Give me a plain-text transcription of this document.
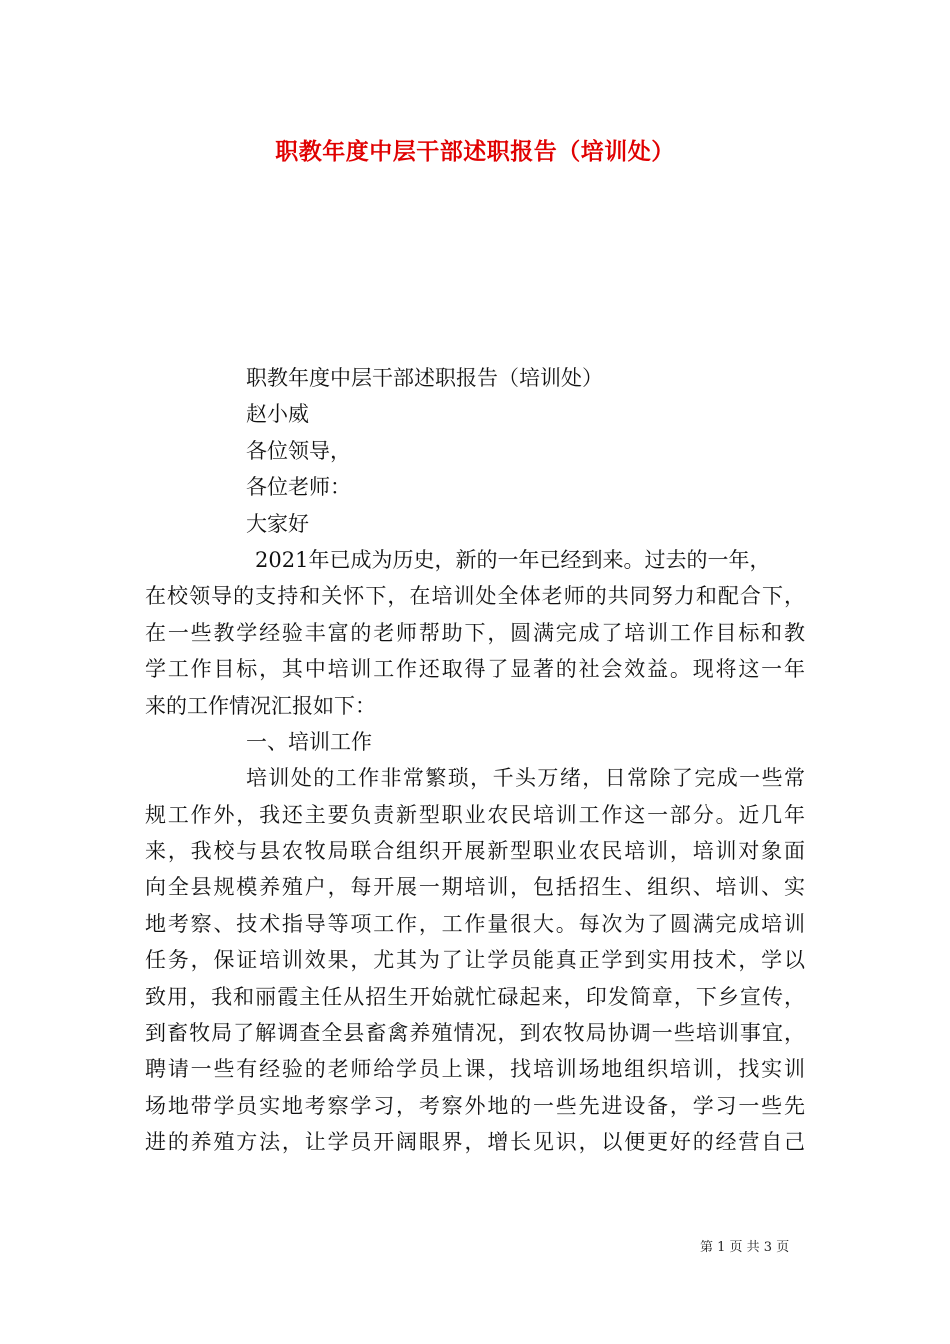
职教年度中层干部述职报告（培训处）
职教年度中层干部述职报告（培训处）
赵小威
各位领导，
各位老师：
大家好
2021年已成为历史，新的一年已经到来。过去的一年，
在校领导的支持和关怀下，在培训处全体老师的共同努力和配合下，
在一些教学经验丰富的老师帮助下，圆满完成了培训工作目标和教
学工作目标，其中培训工作还取得了显著的社会效益。现将这一年
来的工作情况汇报如下：
一、培训工作
培训处的工作非常繁琐，千头万绪，日常除了完成一些常
规工作外，我还主要负责新型职业农民培训工作这一部分。近几年
来，我校与县农牧局联合组织开展新型职业农民培训，培训对象面
向全县规模养殖户，每开展一期培训，包括招生、组织、培训、实
地考察、技术指导等项工作，工作量很大。每次为了圆满完成培训
任务，保证培训效果，尤其为了让学员能真正学到实用技术，学以
致用，我和丽霞主任从招生开始就忙碌起来，印发简章，下乡宣传，
到畜牧局了解调查全县畜禽养殖情况，到农牧局协调一些培训事宜，
聘请一些有经验的老师给学员上课，找培训场地组织培训，找实训
场地带学员实地考察学习，考察外地的一些先进设备，学习一些先
进的养殖方法，让学员开阔眼界，增长见识，以便更好的经营自己
第 1 页 共 3 页
